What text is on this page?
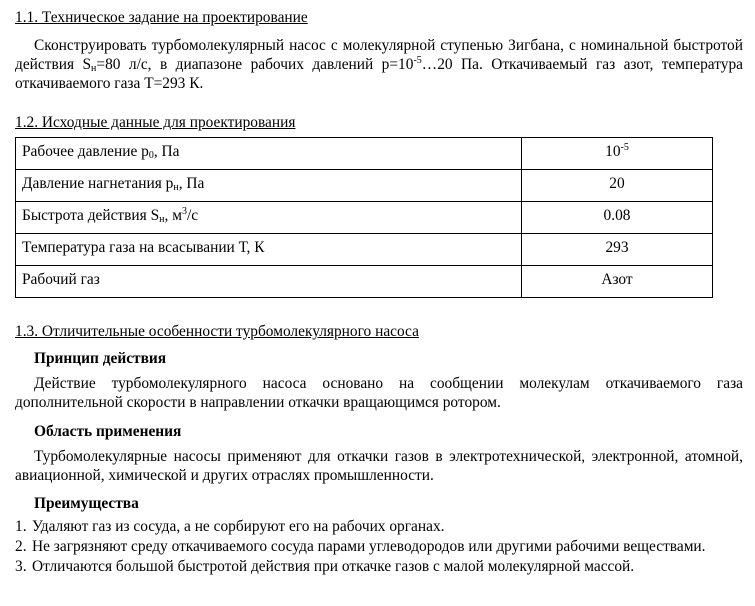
1.1. Техническое задание на проектирование

Сконструировать турбомолекулярный насос с молекулярной ступенью Зигбана, с номинальной быстротой действия $S_н=80$ л/с, в диапазоне рабочих давлений $р=10^{-5}\dots 20$ Па. Откачиваемый газ азот, температура откачиваемого газа Т=293 К.

1.2. Исходные данные для проектирования

Рабочее давление $р_0$, Па	$10^{-5}$
Давление нагнетания $р_н$, Па	20
Быстрота действия $S_н$, $м^3/с$	0.08
Температура газа на всасывании Т, К	293
Рабочий газ	Азот

1.3. Отличительные особенности турбомолекулярного насоса

Принцип действия

Действие турбомолекулярного насоса основано на сообщении молекулам откачиваемого газа дополнительной скорости в направлении откачки вращающимся ротором.

Область применения

Турбомолекулярные насосы применяют для откачки газов в электротехнической, электронной, атомной, авиационной, химической и других отраслях промышленности.

Преимущества

1. Удаляют газ из сосуда, а не сорбируют его на рабочих органах.
2. Не загрязняют среду откачиваемого сосуда парами углеводородов или другими рабочими веществами.
3. Отличаются большой быстротой действия при откачке газов с малой молекулярной массой.
